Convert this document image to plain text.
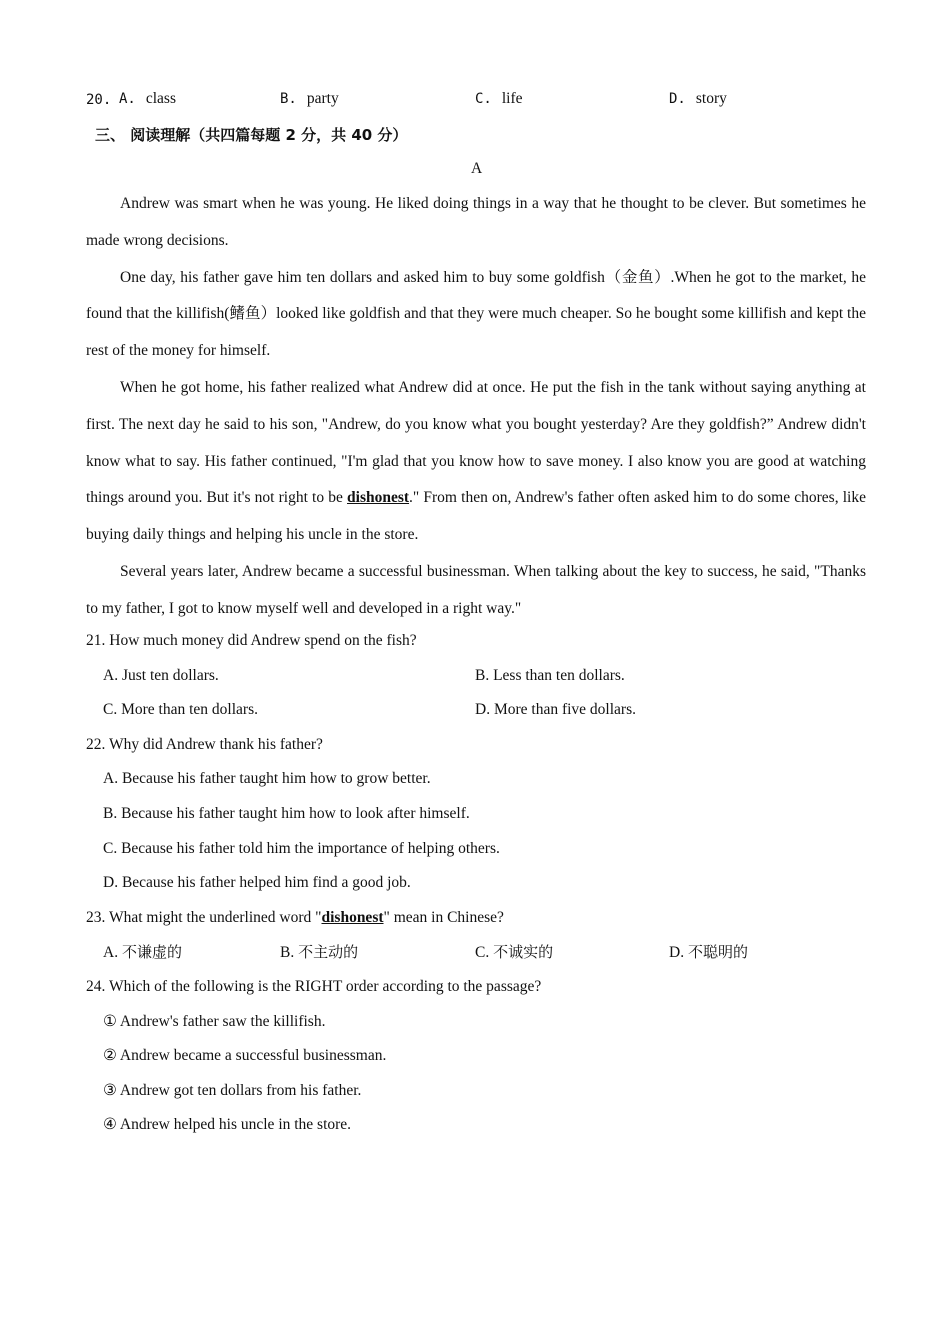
20. A. class	B. party	C. life	D. story
三、 阅读理解（共四篇每题 2 分，共 40 分）
A

Andrew was smart when he was young. He liked doing things in a way that he thought to be clever. But sometimes he made wrong decisions.

One day, his father gave him ten dollars and asked him to buy some goldfish（金鱼）.When he got to the market, he found that the killifish(鳍鱼）looked like goldfish and that they were much cheaper. So he bought some killifish and kept the rest of the money for himself.

When he got home, his father realized what Andrew did at once. He put the fish in the tank without saying anything at first. The next day he said to his son, "Andrew, do you know what you bought yesterday? Are they goldfish?” Andrew didn't know what to say. His father continued, "I'm glad that you know how to save money. I also know you are good at watching things around you. But it's not right to be dishonest." From then on, Andrew's father often asked him to do some chores, like buying daily things and helping his uncle in the store.

Several years later, Andrew became a successful businessman. When talking about the key to success, he said, "Thanks to my father, I got to know myself well and developed in a right way."

21. How much money did Andrew spend on the fish?
A. Just ten dollars.	B. Less than ten dollars.
C. More than ten dollars.	D. More than five dollars.
22. Why did Andrew thank his father?
A. Because his father taught him how to grow better.
B. Because his father taught him how to look after himself.
C. Because his father told him the importance of helping others.
D. Because his father helped him find a good job.
23. What might the underlined word "dishonest" mean in Chinese?
A. 不谦虚的	B. 不主动的	C. 不诚实的	D. 不聪明的
24. Which of the following is the RIGHT order according to the passage?
① Andrew's father saw the killifish.
② Andrew became a successful businessman.
③ Andrew got ten dollars from his father.
④ Andrew helped his uncle in the store.
